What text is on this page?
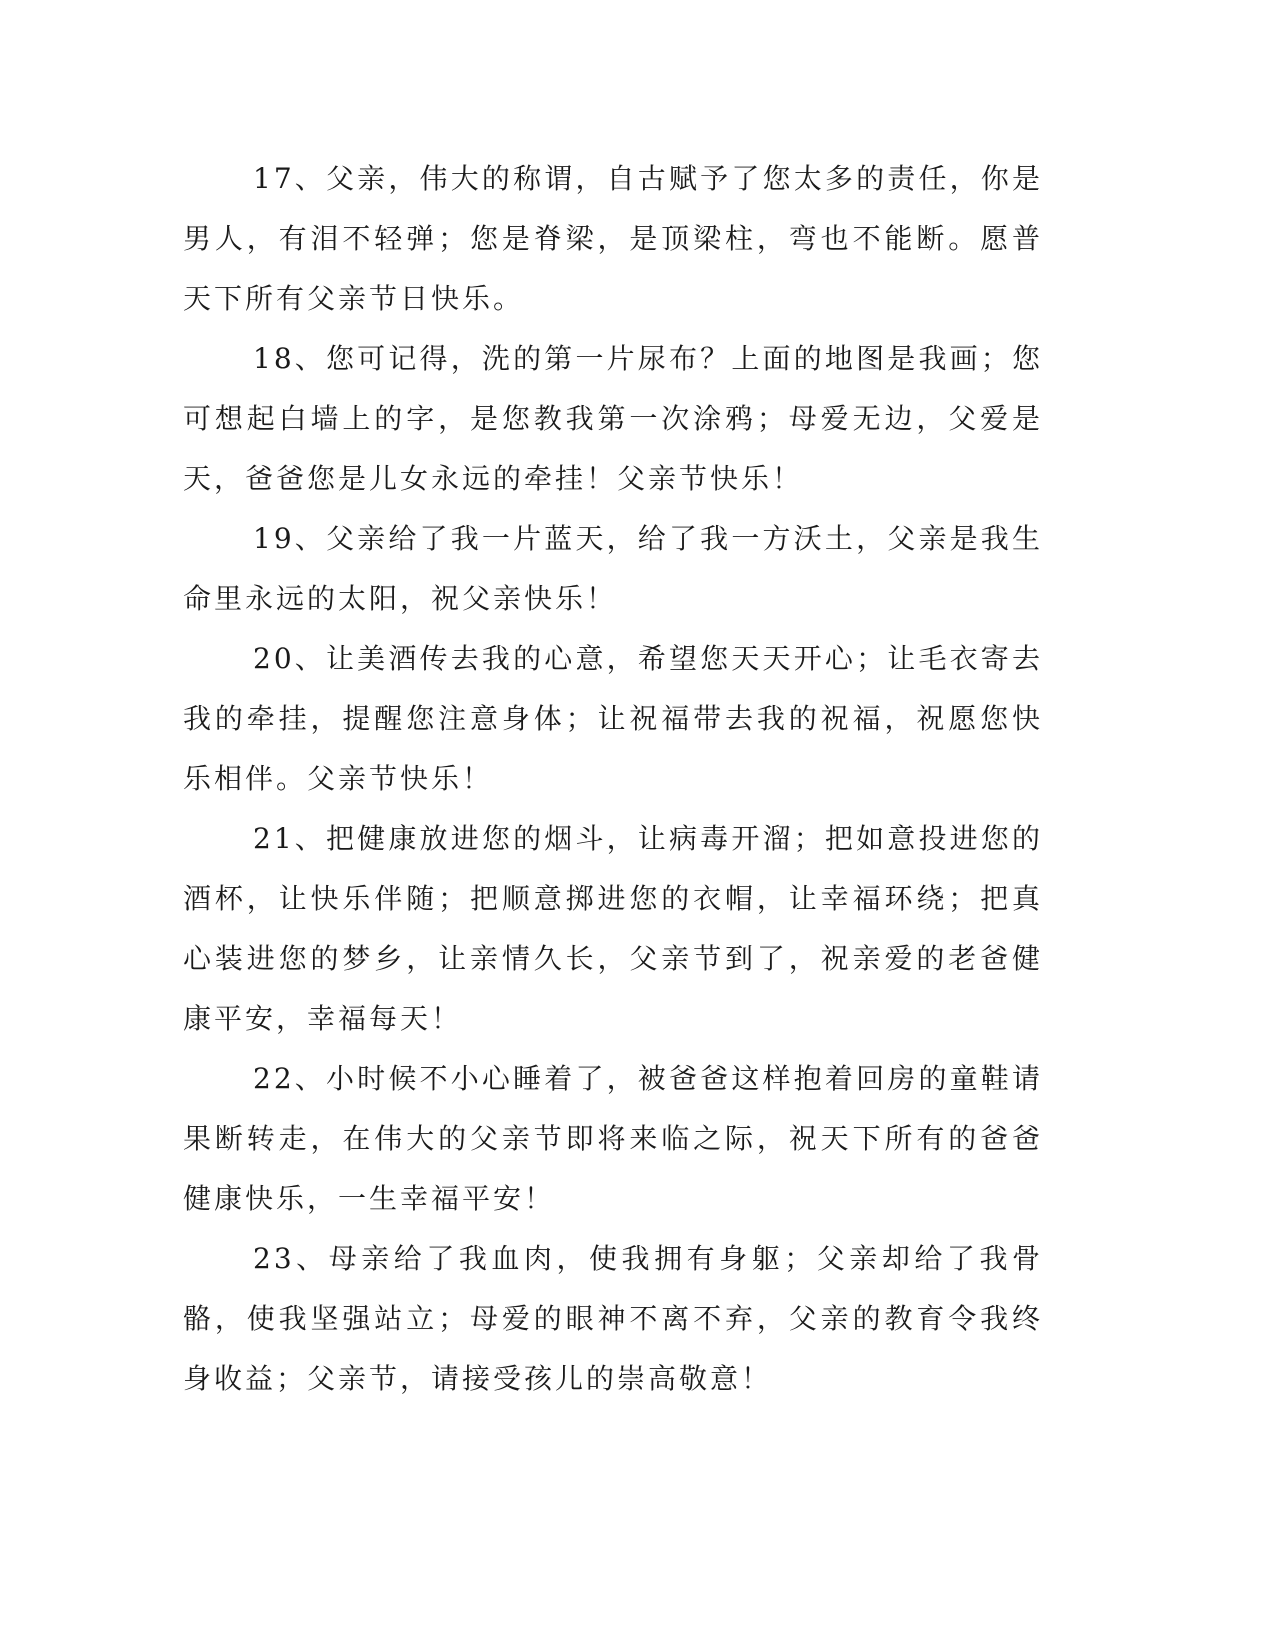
17、父亲，伟大的称谓，自古赋予了您太多的责任，你是男人，有泪不轻弹；您是脊梁，是顶梁柱，弯也不能断。愿普天下所有父亲节日快乐。

18、您可记得，洗的第一片尿布？上面的地图是我画；您可想起白墙上的字，是您教我第一次涂鸦；母爱无边，父爱是天，爸爸您是儿女永远的牵挂！父亲节快乐！

19、父亲给了我一片蓝天，给了我一方沃土，父亲是我生命里永远的太阳，祝父亲快乐！

20、让美酒传去我的心意，希望您天天开心；让毛衣寄去我的牵挂，提醒您注意身体；让祝福带去我的祝福，祝愿您快乐相伴。父亲节快乐！

21、把健康放进您的烟斗，让病毒开溜；把如意投进您的酒杯，让快乐伴随；把顺意掷进您的衣帽，让幸福环绕；把真心装进您的梦乡，让亲情久长，父亲节到了，祝亲爱的老爸健康平安，幸福每天！

22、小时候不小心睡着了，被爸爸这样抱着回房的童鞋请果断转走，在伟大的父亲节即将来临之际，祝天下所有的爸爸健康快乐，一生幸福平安！

23、母亲给了我血肉，使我拥有身躯；父亲却给了我骨骼，使我坚强站立；母爱的眼神不离不弃，父亲的教育令我终身收益；父亲节，请接受孩儿的崇高敬意！
